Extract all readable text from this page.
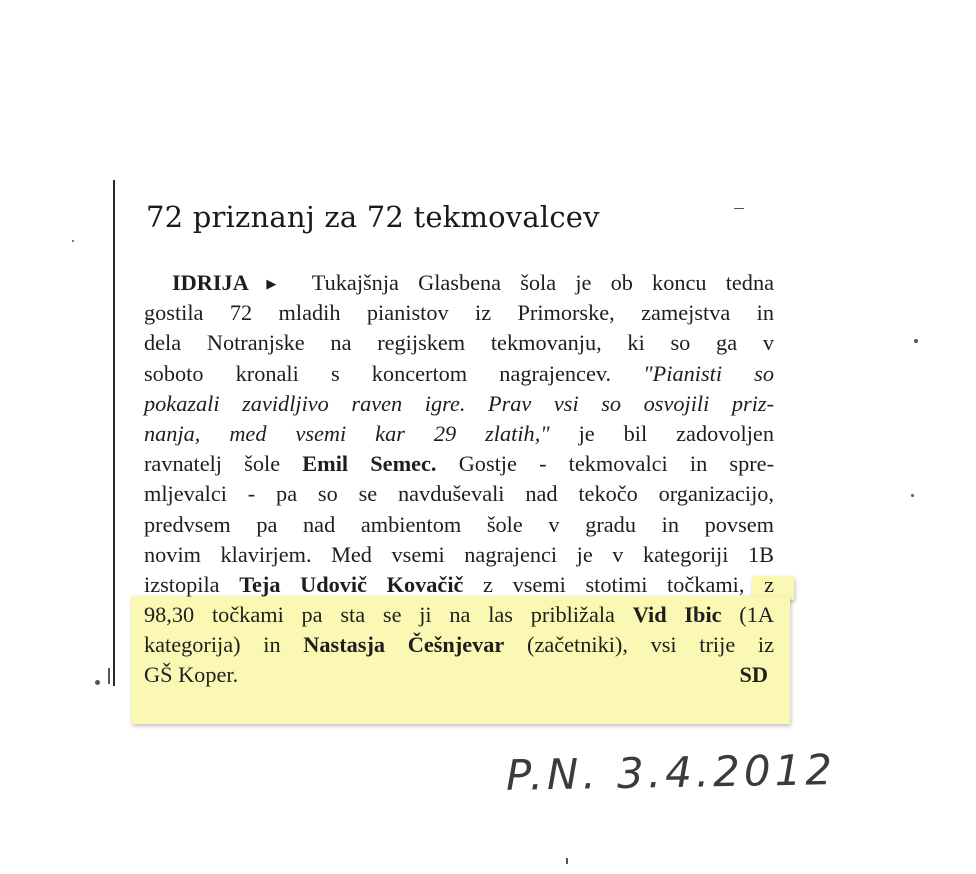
72 priznanj za 72 tekmovalcev
IDRIJA ▶ Tukajšnja Glasbena šola je ob koncu tedna
gostila 72 mladih pianistov iz Primorske, zamejstva in
dela Notranjske na regijskem tekmovanju, ki so ga v
soboto kronali s koncertom nagrajencev. "Pianisti so
pokazali zavidljivo raven igre. Prav vsi so osvojili priz-
nanja, med vsemi kar 29 zlatih," je bil zadovoljen
ravnatelj šole Emil Semec. Gostje - tekmovalci in spre-
mljevalci - pa so se navduševali nad tekočo organizacijo,
predvsem pa nad ambientom šole v gradu in povsem
novim klavirjem. Med vsemi nagrajenci je v kategoriji 1B
izstopila Teja Udovič Kovačič z vsemi stotimi točkami, z
98,30 točkami pa sta se ji na las približala Vid Ibic (1A
kategorija) in Nastasja Češnjevar (začetniki), vsi trije iz
GŠ Koper.	SD
P.N. 3.4.2012
